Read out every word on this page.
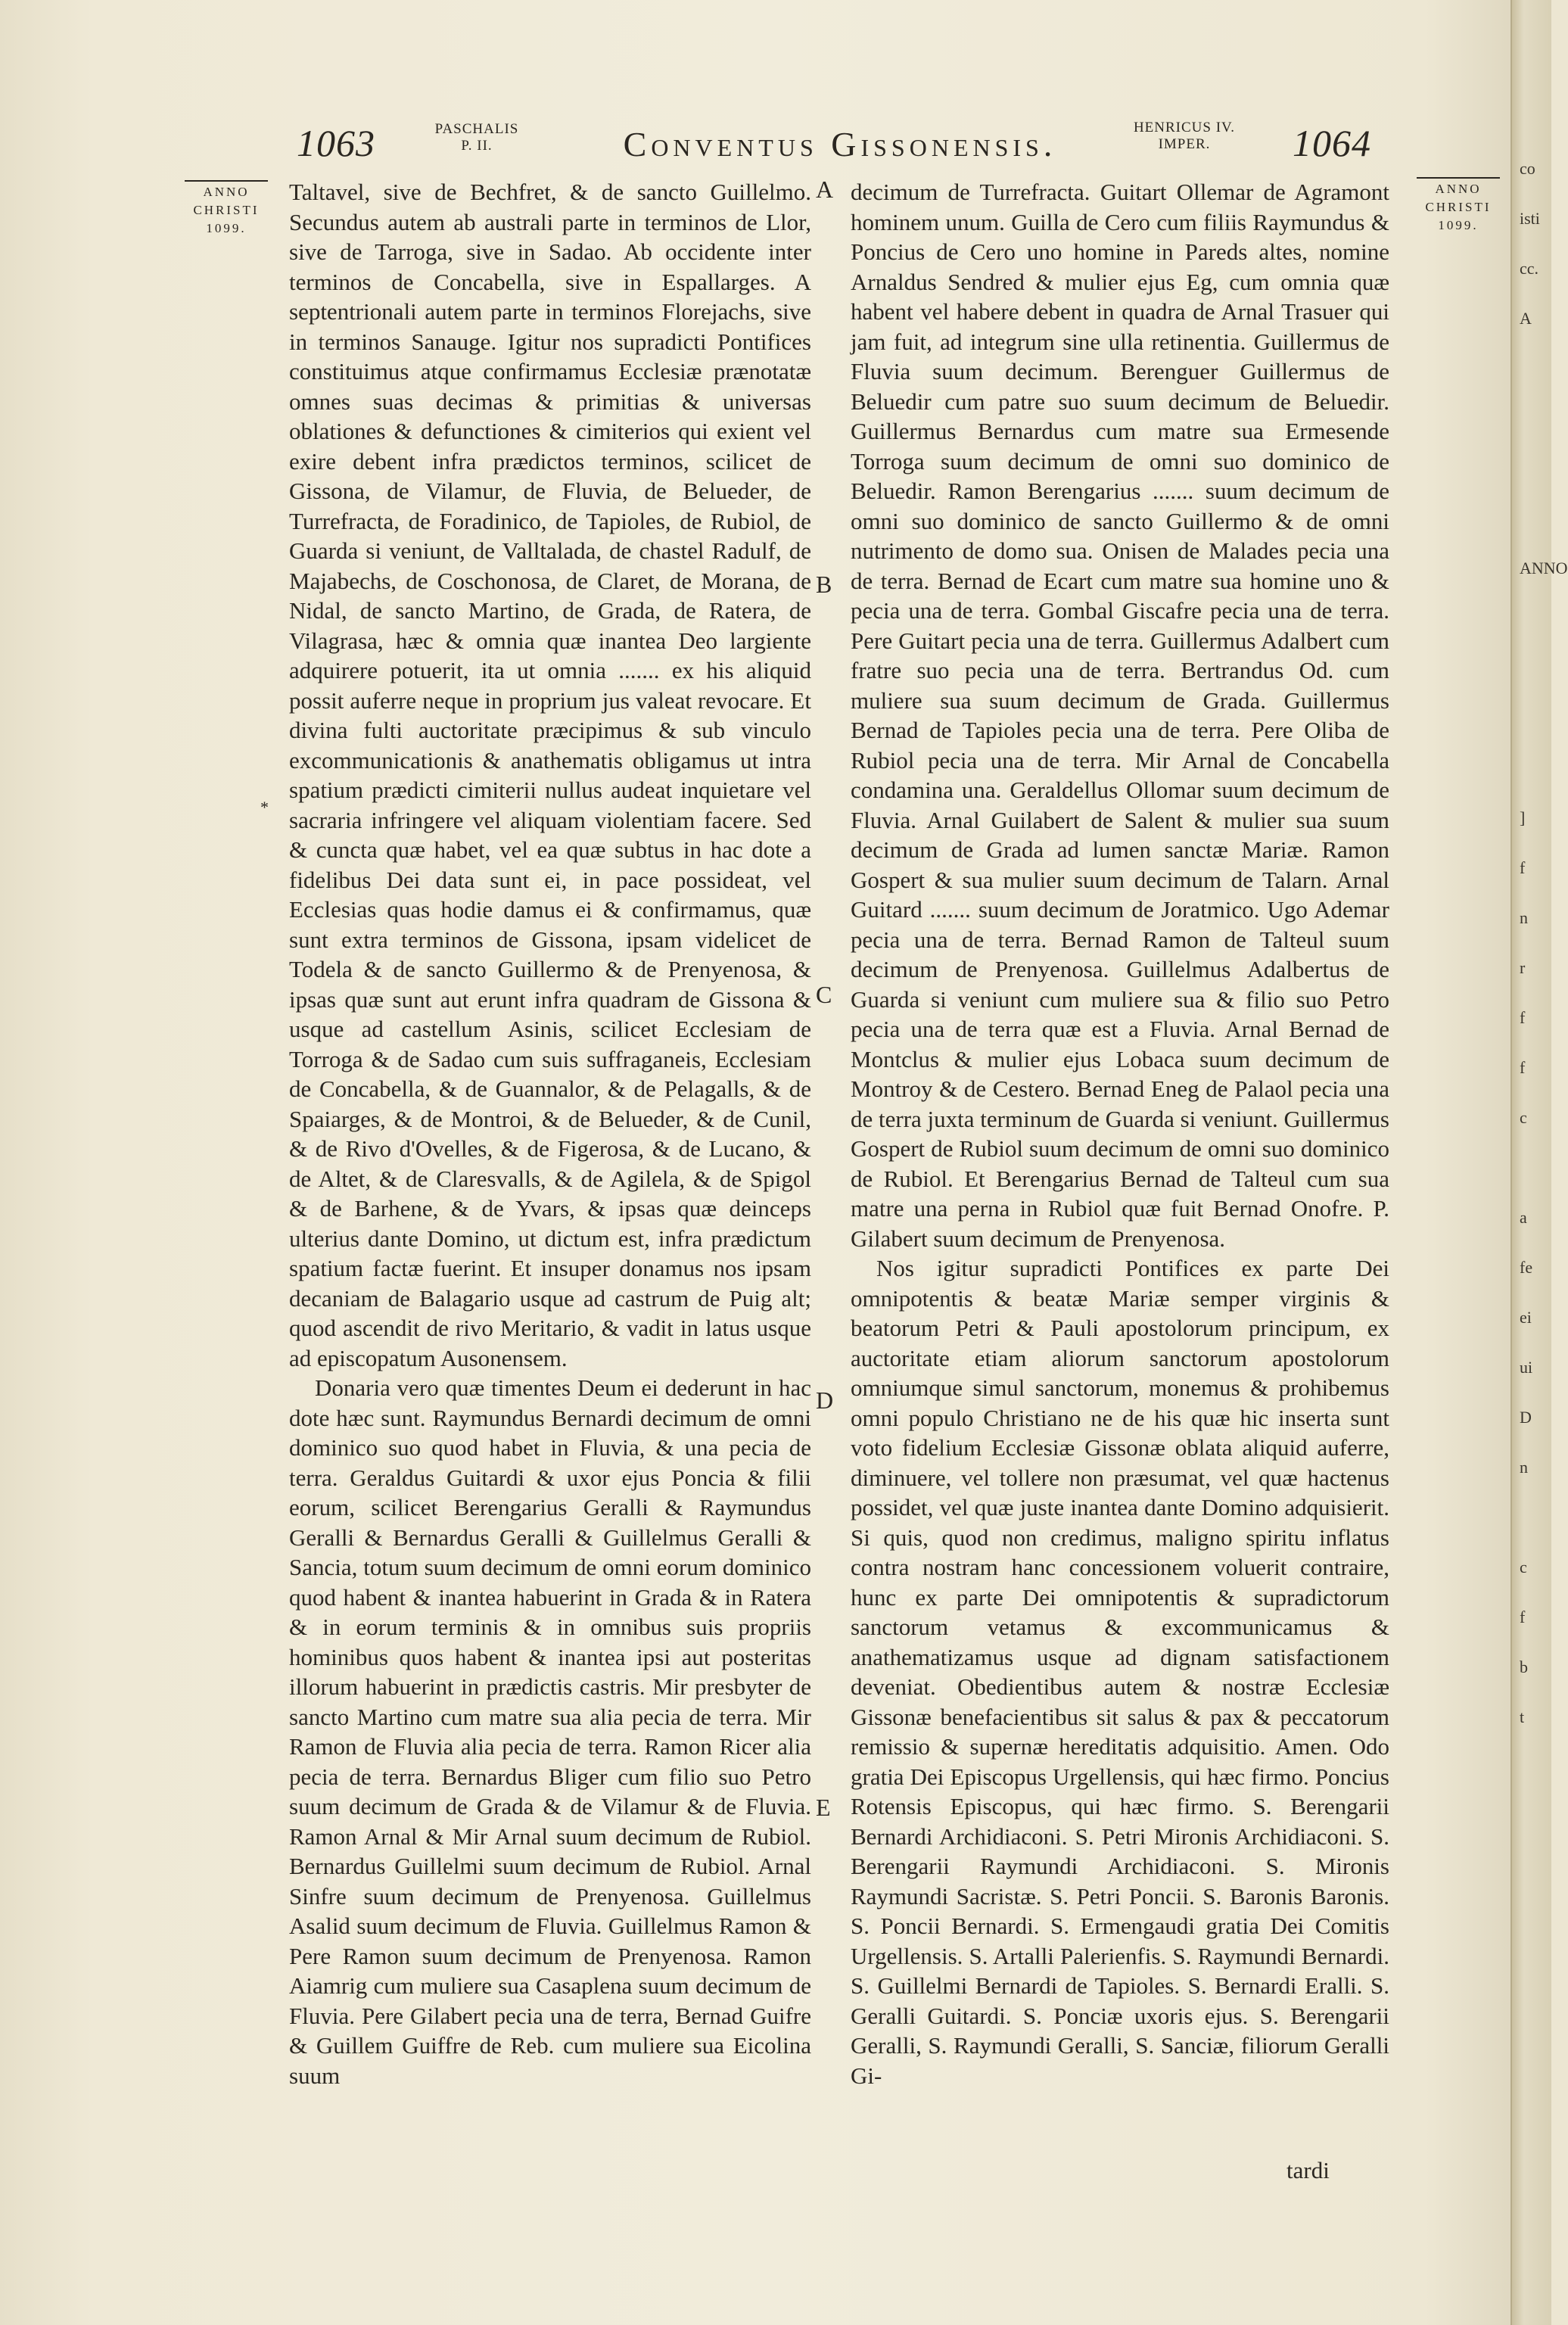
1063	PASCHALIS
P. II.	Conventus Gissonensis.	HENRICUS IV.
IMPER.	1064
ANNO
CHRISTI
1099.
ANNO
CHRISTI
1099.
*

Taltavel, sive de Bechfret, & de sancto Guillelmo. Secundus autem ab australi parte in terminos de Llor, sive de Tarroga, sive in Sadao. Ab occidente inter terminos de Concabella, sive in Espallarges. A septentrionali autem parte in terminos Florejachs, sive in terminos Sanauge. Igitur nos supradicti Pontifices constituimus atque confirmamus Ecclesiæ prænotatæ omnes suas decimas & primitias & universas oblationes & defunctiones & cimiterios qui exient vel exire debent infra prædictos terminos, scilicet de Gissona, de Vilamur, de Fluvia, de Belueder, de Turrefracta, de Foradinico, de Tapioles, de Rubiol, de Guarda si veniunt, de Valltalada, de chastel Radulf, de Majabechs, de Coschonosa, de Claret, de Morana, de Nidal, de sancto Martino, de Grada, de Ratera, de Vilagrasa, hæc & omnia quæ inantea Deo largiente adquirere potuerit, ita ut omnia ....... ex his aliquid possit auferre neque in proprium jus valeat revocare. Et divina fulti auctoritate præcipimus & sub vinculo excommunicationis & anathematis obligamus ut intra spatium prædicti cimiterii nullus audeat inquietare vel sacraria infringere vel aliquam violentiam facere. Sed & cuncta quæ habet, vel ea quæ subtus in hac dote a fidelibus Dei data sunt ei, in pace possideat, vel Ecclesias quas hodie damus ei & confirmamus, quæ sunt extra terminos de Gissona, ipsam videlicet de Todela & de sancto Guillermo & de Prenyenosa, & ipsas quæ sunt aut erunt infra quadram de Gissona & usque ad castellum Asinis, scilicet Ecclesiam de Torroga & de Sadao cum suis suffraganeis, Ecclesiam de Concabella, & de Guannalor, & de Pelagalls, & de Spaiarges, & de Montroi, & de Belueder, & de Cunil, & de Rivo d'Ovelles, & de Figerosa, & de Lucano, & de Altet, & de Claresvalls, & de Agilela, & de Spigol & de Barhene, & de Yvars, & ipsas quæ deinceps ulterius dante Domino, ut dictum est, infra prædictum spatium factæ fuerint. Et insuper donamus nos ipsam decaniam de Balagario usque ad castrum de Puig alt; quod ascendit de rivo Meritario, & vadit in latus usque ad episcopatum Ausonensem.

Donaria vero quæ timentes Deum ei dederunt in hac dote hæc sunt. Raymundus Bernardi decimum de omni dominico suo quod habet in Fluvia, & una pecia de terra. Geraldus Guitardi & uxor ejus Poncia & filii eorum, scilicet Berengarius Geralli & Raymundus Geralli & Bernardus Geralli & Guillelmus Geralli & Sancia, totum suum decimum de omni eorum dominico quod habent & inantea habuerint in Grada & in Ratera & in eorum terminis & in omnibus suis propriis hominibus quos habent & inantea ipsi aut posteritas illorum habuerint in prædictis castris. Mir presbyter de sancto Martino cum matre sua alia pecia de terra. Mir Ramon de Fluvia alia pecia de terra. Ramon Ricer alia pecia de terra. Bernardus Bliger cum filio suo Petro suum decimum de Grada & de Vilamur & de Fluvia. Ramon Arnal & Mir Arnal suum decimum de Rubiol. Bernardus Guillelmi suum decimum de Rubiol. Arnal Sinfre suum decimum de Prenyenosa. Guillelmus Asalid suum decimum de Fluvia. Guillelmus Ramon & Pere Ramon suum decimum de Prenyenosa. Ramon Aiamrig cum muliere sua Casaplena suum decimum de Fluvia. Pere Gilabert pecia una de terra, Bernad Guifre & Guillem Guiffre de Reb. cum muliere sua Eicolina suum

A
B
C
D
E

decimum de Turrefracta. Guitart Ollemar de Agramont hominem unum. Guilla de Cero cum filiis Raymundus & Poncius de Cero uno homine in Pareds altes, nomine Arnaldus Sendred & mulier ejus Eg, cum omnia quæ habent vel habere debent in quadra de Arnal Trasuer qui jam fuit, ad integrum sine ulla retinentia. Guillermus de Fluvia suum decimum. Berenguer Guillermus de Beluedir cum patre suo suum decimum de Beluedir. Guillermus Bernardus cum matre sua Ermesende Torroga suum decimum de omni suo dominico de Beluedir. Ramon Berengarius ....... suum decimum de omni suo dominico de sancto Guillermo & de omni nutrimento de domo sua. Onisen de Malades pecia una de terra. Bernad de Ecart cum matre sua homine uno & pecia una de terra. Gombal Giscafre pecia una de terra. Pere Guitart pecia una de terra. Guillermus Adalbert cum fratre suo pecia una de terra. Bertrandus Od. cum muliere sua suum decimum de Grada. Guillermus Bernad de Tapioles pecia una de terra. Pere Oliba de Rubiol pecia una de terra. Mir Arnal de Concabella condamina una. Geraldellus Ollomar suum decimum de Fluvia. Arnal Guilabert de Salent & mulier sua suum decimum de Grada ad lumen sanctæ Mariæ. Ramon Gospert & sua mulier suum decimum de Talarn. Arnal Guitard ....... suum decimum de Joratmico. Ugo Ademar pecia una de terra. Bernad Ramon de Talteul suum decimum de Prenyenosa. Guillelmus Adalbertus de Guarda si veniunt cum muliere sua & filio suo Petro pecia una de terra quæ est a Fluvia. Arnal Bernad de Montclus & mulier ejus Lobaca suum decimum de Montroy & de Cestero. Bernad Eneg de Palaol pecia una de terra juxta terminum de Guarda si veniunt. Guillermus Gospert de Rubiol suum decimum de omni suo dominico de Rubiol. Et Berengarius Bernad de Talteul cum sua matre una perna in Rubiol quæ fuit Bernad Onofre. P. Gilabert suum decimum de Prenyenosa.

Nos igitur supradicti Pontifices ex parte Dei omnipotentis & beatæ Mariæ semper virginis & beatorum Petri & Pauli apostolorum principum, ex auctoritate etiam aliorum sanctorum apostolorum omniumque simul sanctorum, monemus & prohibemus omni populo Christiano ne de his quæ hic inserta sunt voto fidelium Ecclesiæ Gissonæ oblata aliquid auferre, diminuere, vel tollere non præsumat, vel quæ hactenus possidet, vel quæ juste inantea dante Domino adquisierit. Si quis, quod non credimus, maligno spiritu inflatus contra nostram hanc concessionem voluerit contraire, hunc ex parte Dei omnipotentis & supradictorum sanctorum vetamus & excommunicamus & anathematizamus usque ad dignam satisfactionem deveniat. Obedientibus autem & nostræ Ecclesiæ Gissonæ benefacientibus sit salus & pax & peccatorum remissio & supernæ hereditatis adquisitio. Amen. Odo gratia Dei Episcopus Urgellensis, qui hæc firmo. Poncius Rotensis Episcopus, qui hæc firmo. S. Berengarii Bernardi Archidiaconi. S. Petri Mironis Archidiaconi. S. Berengarii Raymundi Archidiaconi. S. Mironis Raymundi Sacristæ. S. Petri Poncii. S. Baronis Baronis. S. Poncii Bernardi. S. Ermengaudi gratia Dei Comitis Urgellensis. S. Artalli Palerienfis. S. Raymundi Bernardi. S. Guillelmi Bernardi de Tapioles. S. Bernardi Eralli. S. Geralli Guitardi. S. Ponciæ uxoris ejus. S. Berengarii Geralli, S. Raymundi Geralli, S. Sanciæ, filiorum Geralli Gi-

tardi
co
isti
cc.
A
ANNO
]
f
n
r
f
f
c
a
fe
ei
ui
D
n
c
f
b
t
